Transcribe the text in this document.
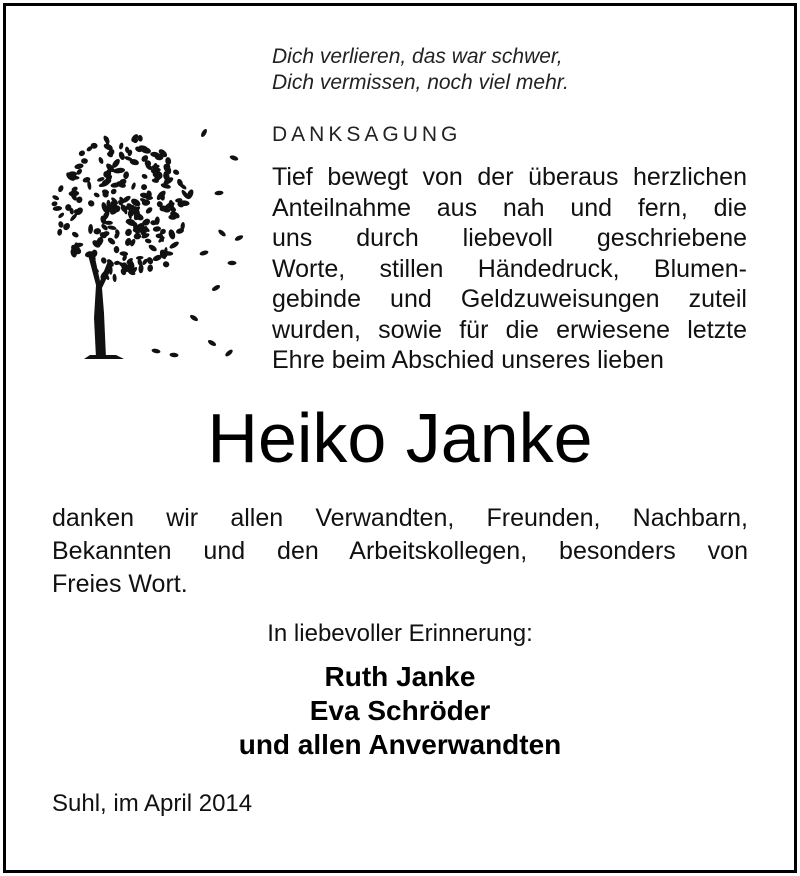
Dich verlieren, das war schwer,
Dich vermissen, noch viel mehr.
DANKSAGUNG
Tief bewegt von der überaus herzlichen
Anteilnahme aus nah und fern, die
uns durch liebevoll geschriebene
Worte, stillen Händedruck, Blumen-
gebinde und Geldzuweisungen zuteil
wurden, sowie für die erwiesene letzte
Ehre beim Abschied unseres lieben
Heiko Janke
danken wir allen Verwandten, Freunden, Nachbarn,
Bekannten und den Arbeitskollegen, besonders von
Freies Wort.
In liebevoller Erinnerung:
Ruth Janke
Eva Schröder
und allen Anverwandten
Suhl, im April 2014
